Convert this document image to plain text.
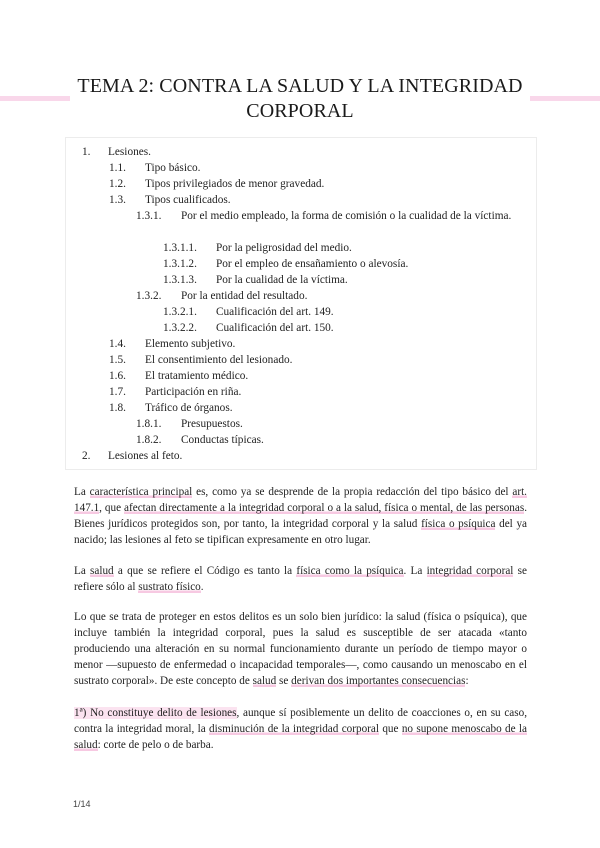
TEMA 2: CONTRA LA SALUD Y LA INTEGRIDAD
CORPORAL
1. Lesiones.
1.1. Tipo básico.
1.2. Tipos privilegiados de menor gravedad.
1.3. Tipos cualificados.
1.3.1. Por el medio empleado, la forma de comisión o la cualidad de la víctima.
1.3.1.1. Por la peligrosidad del medio.
1.3.1.2. Por el empleo de ensañamiento o alevosía.
1.3.1.3. Por la cualidad de la víctima.
1.3.2. Por la entidad del resultado.
1.3.2.1. Cualificación del art. 149.
1.3.2.2. Cualificación del art. 150.
1.4. Elemento subjetivo.
1.5. El consentimiento del lesionado.
1.6. El tratamiento médico.
1.7. Participación en riña.
1.8. Tráfico de órganos.
1.8.1. Presupuestos.
1.8.2. Conductas típicas.
2. Lesiones al feto.

La característica principal es, como ya se desprende de la propia redacción del tipo básico del art. 147.1, que afectan directamente a la integridad corporal o a la salud, física o mental, de las personas. Bienes jurídicos protegidos son, por tanto, la integridad corporal y la salud física o psíquica del ya nacido; las lesiones al feto se tipifican expresamente en otro lugar.

La salud a que se refiere el Código es tanto la física como la psíquica. La integridad corporal se refiere sólo al sustrato físico.

Lo que se trata de proteger en estos delitos es un solo bien jurídico: la salud (física o psíquica), que incluye también la integridad corporal, pues la salud es susceptible de ser atacada «tanto produciendo una alteración en su normal funcionamiento durante un período de tiempo mayor o menor —supuesto de enfermedad o incapacidad temporales—, como causando un menoscabo en el sustrato corporal». De este concepto de salud se derivan dos importantes consecuencias:

1ª) No constituye delito de lesiones, aunque sí posiblemente un delito de coacciones o, en su caso, contra la integridad moral, la disminución de la integridad corporal que no supone menoscabo de la salud: corte de pelo o de barba.

1/14
